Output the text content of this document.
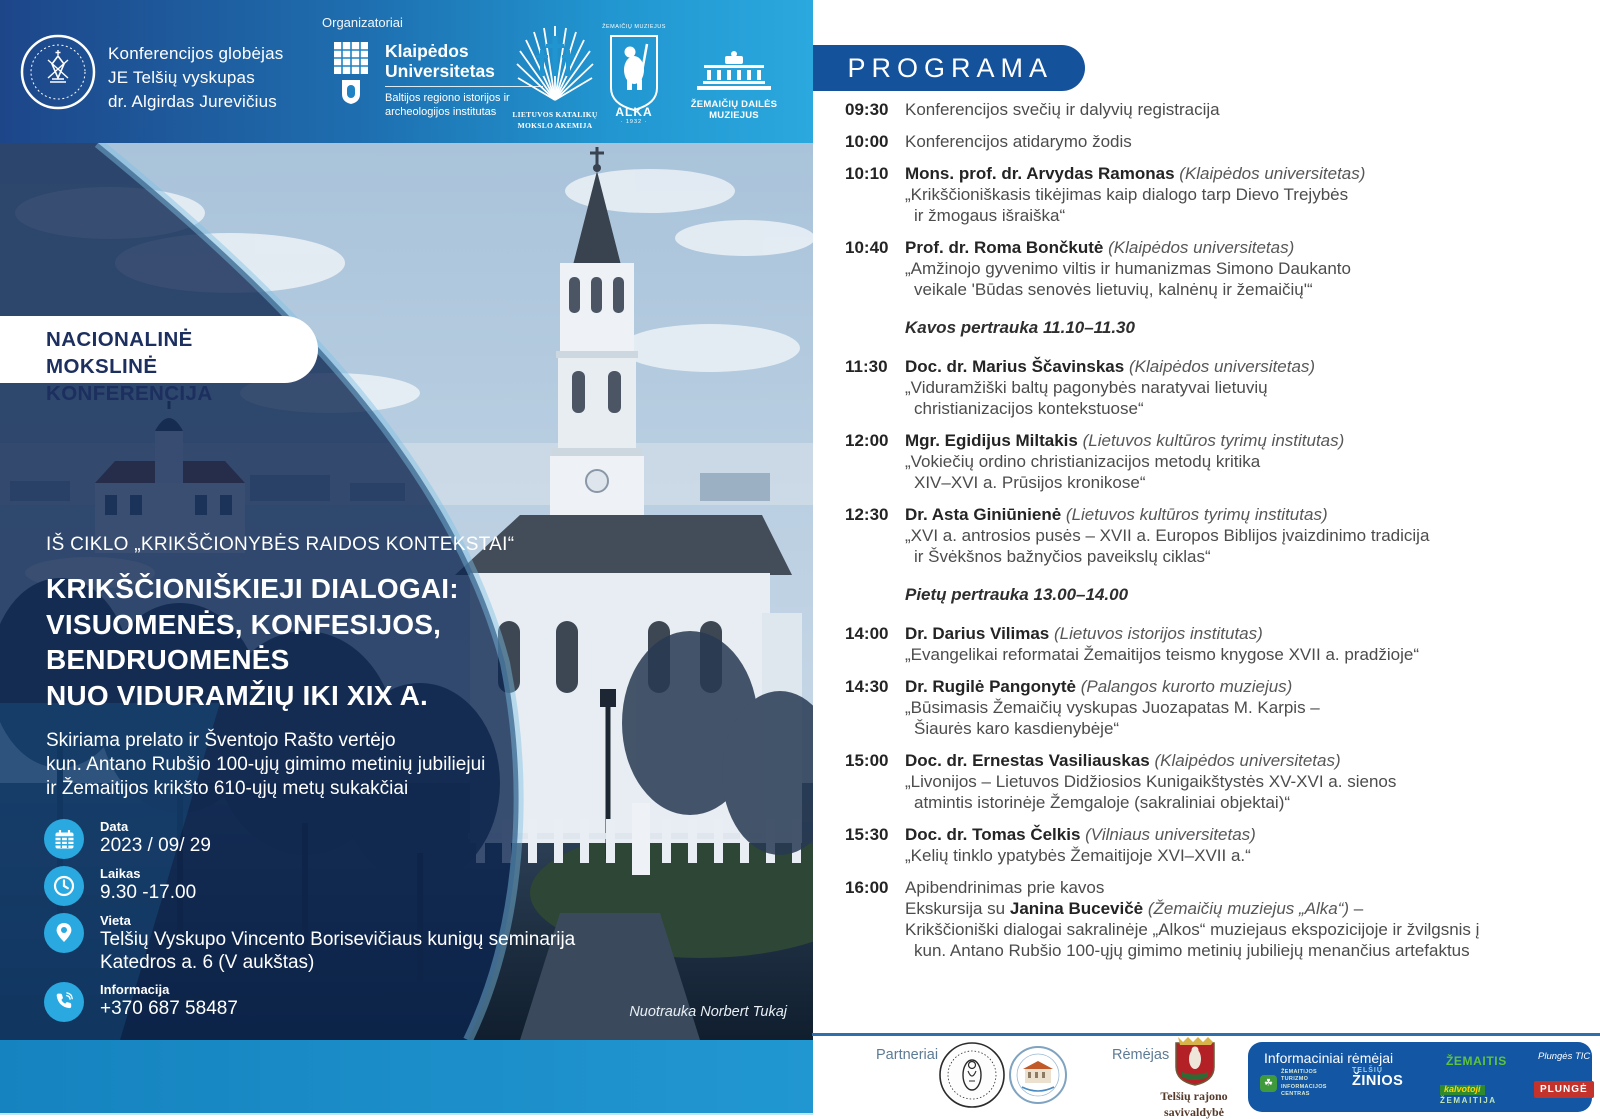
Konferencijos globėjas
JE Telšių vyskupas
dr. Algirdas Jurevičius
Organizatoriai
Klaipėdos
Universitetas
Baltijos regiono istorijos ir
archeologijos institutas	LIETUVOS KATALIKŲ
MOKSLO AKEMIJA
ŽEMAIČIŲ MUZIEJUS
ALKA
· 1932 ·
ŽEMAIČIŲ DAILĖS MUZIEJUS
NACIONALINĖ
MOKSLINĖ KONFERENCIJA
IŠ CIKLO „KRIKŠČIONYBĖS RAIDOS KONTEKSTAI“
KRIKŠČIONIŠKIEJI DIALOGAI:
VISUOMENĖS, KONFESIJOS,
BENDRUOMENĖS
NUO VIDURAMŽIŲ IKI XIX A.
Skiriama prelato ir Šventojo Rašto vertėjo
kun. Antano Rubšio 100-ųjų gimimo metinių jubiliejui
ir Žemaitijos krikšto 610-ųjų metų sukakčiai
Data
2023 / 09/ 29
Laikas
9.30 -17.00
Vieta
Telšių Vyskupo Vincento Borisevičiaus kunigų seminarija
Katedros a. 6 (V aukštas)
Informacija
+370 687 58487	Nuotrauka Norbert Tukaj
PROGRAMA
09:30 Konferencijos svečių ir dalyvių registracija
10:00 Konferencijos atidarymo žodis
10:10 Mons. prof. dr. Arvydas Ramonas (Klaipėdos universitetas)
„Krikščioniškasis tikėjimas kaip dialogo tarp Dievo Trejybės
ir žmogaus išraiška“
10:40 Prof. dr. Roma Bončkutė (Klaipėdos universitetas)
„Amžinojo gyvenimo viltis ir humanizmas Simono Daukanto
veikale 'Būdas senovės lietuvių, kalnėnų ir žemaičių'“
Kavos pertrauka 11.10–11.30
11:30	Doc. dr. Marius Ščavinskas (Klaipėdos universitetas)
„Viduramžiški baltų pagonybės naratyvai lietuvių
christianizacijos kontekstuose“
12:00 Mgr. Egidijus Miltakis (Lietuvos kultūros tyrimų institutas)
„Vokiečių ordino christianizacijos metodų kritika
XIV–XVI a. Prūsijos kronikose“
12:30 Dr. Asta Giniūnienė (Lietuvos kultūros tyrimų institutas)
„XVI a. antrosios pusės – XVII a. Europos Biblijos įvaizdinimo tradicija
ir Švėkšnos bažnyčios paveikslų ciklas“
Pietų pertrauka 13.00–14.00
14:00 Dr. Darius Vilimas (Lietuvos istorijos institutas)
„Evangelikai reformatai Žemaitijos teismo knygose XVII a. pradžioje“
14:30 Dr. Rugilė Pangonytė (Palangos kurorto muziejus)
„Būsimasis Žemaičių vyskupas Juozapatas M. Karpis –
Šiaurės karo kasdienybėje“
15:00 Doc. dr. Ernestas Vasiliauskas (Klaipėdos universitetas)
„Livonijos – Lietuvos Didžiosios Kunigaikštystės XV-XVI a. sienos
atmintis istorinėje Žemgaloje (sakraliniai objektai)“
15:30 Doc. dr. Tomas Čelkis (Vilniaus universitetas)
„Kelių tinklo ypatybės Žemaitijoje XVI–XVII a.“
16:00 Apibendrinimas prie kavos
Ekskursija su Janina Bucevičė (Žemaičių muziejus „Alka“) –
Krikščioniški dialogai sakralinėje „Alkos“ muziejaus ekspozicijoje ir žvilgsnis į
kun. Antano Rubšio 100-ųjų gimimo metinių jubiliejų menančius artefaktus
Partneriai	Rėmėjas
Telšių rajono
savivaldybė
Informaciniai rėmėjai
☘
ŽEMAITIJOS
TURIZMO
INFORMACIJOS
CENTRAS
TELŠIŲ
ŽINIOS
ŽEMAITIS
kalvotoji
ŽEMAITIJA
Plungės TIC
PLUNGĖ
